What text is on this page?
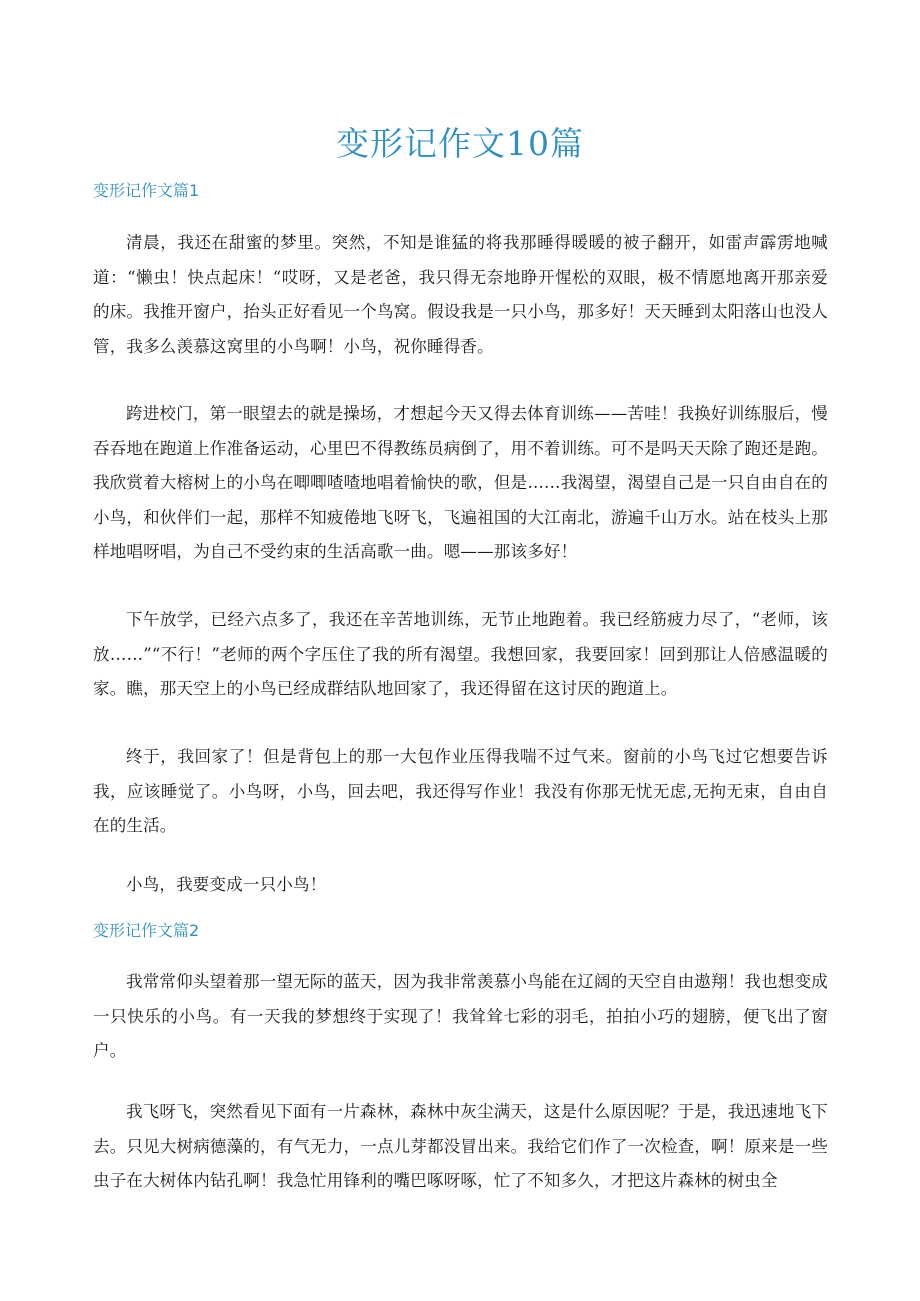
变形记作文10篇
变形记作文篇1

清晨，我还在甜蜜的梦里。突然，不知是谁猛的将我那睡得暖暖的被子翻开，如雷声霹雳地喊道：“懒虫！快点起床！“哎呀，又是老爸，我只得无奈地睁开惺松的双眼，极不情愿地离开那亲爱的床。我推开窗户，抬头正好看见一个鸟窝。假设我是一只小鸟，那多好！天天睡到太阳落山也没人管，我多么羡慕这窝里的小鸟啊！小鸟，祝你睡得香。

跨进校门，第一眼望去的就是操场，才想起今天又得去体育训练——苦哇！我换好训练服后，慢吞吞地在跑道上作准备运动，心里巴不得教练员病倒了，用不着训练。可不是吗天天除了跑还是跑。我欣赏着大榕树上的小鸟在唧唧喳喳地唱着愉快的歌，但是……我渴望，渴望自己是一只自由自在的小鸟，和伙伴们一起，那样不知疲倦地飞呀飞，飞遍祖国的大江南北，游遍千山万水。站在枝头上那样地唱呀唱，为自己不受约束的生活高歌一曲。嗯——那该多好！

下午放学，已经六点多了，我还在辛苦地训练，无节止地跑着。我已经筋疲力尽了，“老师，该放……”“不行！”老师的两个字压住了我的所有渴望。我想回家，我要回家！回到那让人倍感温暖的家。瞧，那天空上的小鸟已经成群结队地回家了，我还得留在这讨厌的跑道上。

终于，我回家了！但是背包上的那一大包作业压得我喘不过气来。窗前的小鸟飞过它想要告诉我，应该睡觉了。小鸟呀，小鸟，回去吧，我还得写作业！我没有你那无忧无虑,无拘无束，自由自在的生活。

小鸟，我要变成一只小鸟！

变形记作文篇2

我常常仰头望着那一望无际的蓝天，因为我非常羡慕小鸟能在辽阔的天空自由遨翔！我也想变成一只快乐的小鸟。有一天我的梦想终于实现了！我耸耸七彩的羽毛，拍拍小巧的翅膀，便飞出了窗户。

我飞呀飞，突然看见下面有一片森林，森林中灰尘满天，这是什么原因呢？于是，我迅速地飞下去。只见大树病德藻的，有气无力，一点儿芽都没冒出来。我给它们作了一次检查，啊！原来是一些虫子在大树体内钻孔啊！我急忙用锋利的嘴巴啄呀啄，忙了不知多久，才把这片森林的树虫全
